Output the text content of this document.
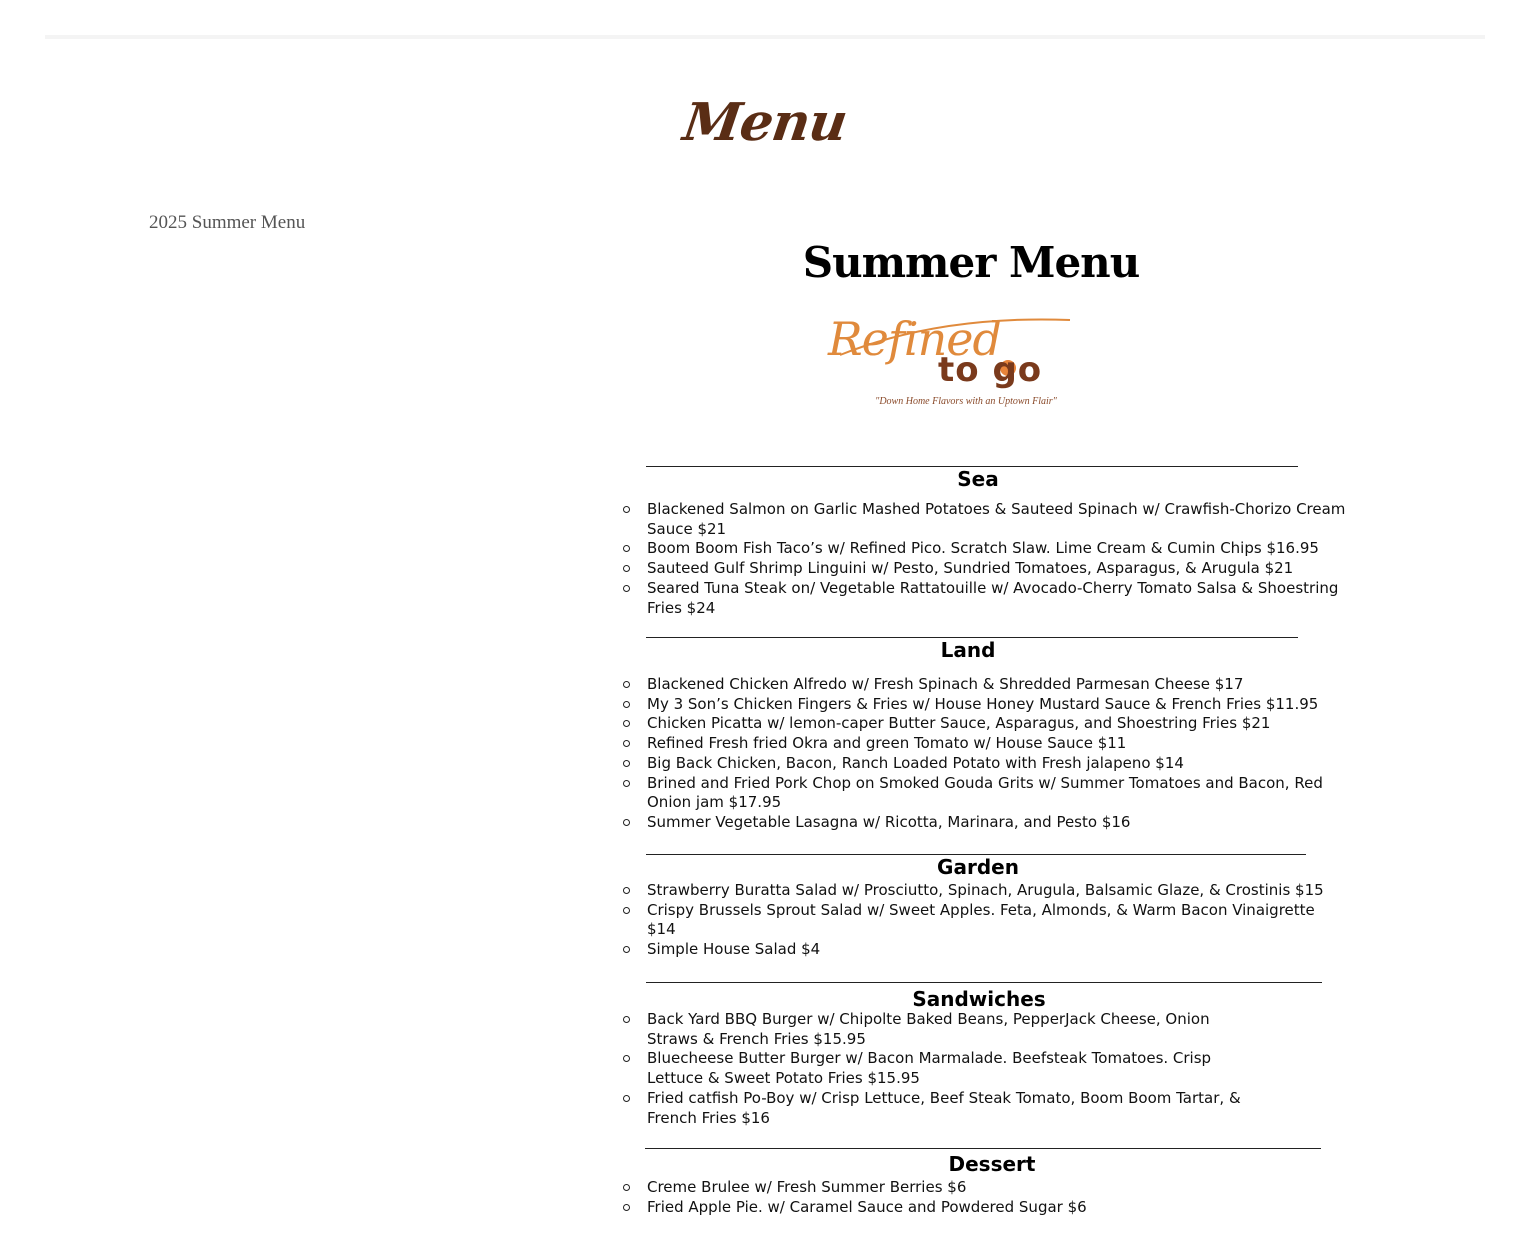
Menu
2025 Summer Menu
Summer Menu
Refined
to go
"Down Home Flavors with an Uptown Flair"
Sea
Blackened Salmon on Garlic Mashed Potatoes & Sauteed Spinach w/ Crawfish-Chorizo Cream Sauce $21
Boom Boom Fish Taco’s w/ Refined Pico. Scratch Slaw. Lime Cream & Cumin Chips $16.95
Sauteed Gulf Shrimp Linguini w/ Pesto, Sundried Tomatoes, Asparagus, & Arugula $21
Seared Tuna Steak on/ Vegetable Rattatouille w/ Avocado-Cherry Tomato Salsa & Shoestring Fries $24
Land
Blackened Chicken Alfredo w/ Fresh Spinach & Shredded Parmesan Cheese $17
My 3 Son’s Chicken Fingers & Fries w/ House Honey Mustard Sauce & French Fries $11.95
Chicken Picatta w/ lemon-caper Butter Sauce, Asparagus, and Shoestring Fries $21
Refined Fresh fried Okra and green Tomato w/ House Sauce $11
Big Back Chicken, Bacon, Ranch Loaded Potato with Fresh jalapeno $14
Brined and Fried Pork Chop on Smoked Gouda Grits w/ Summer Tomatoes and Bacon, Red Onion jam $17.95
Summer Vegetable Lasagna w/ Ricotta, Marinara, and Pesto $16
Garden
Strawberry Buratta Salad w/ Prosciutto, Spinach, Arugula, Balsamic Glaze, & Crostinis $15
Crispy Brussels Sprout Salad w/ Sweet Apples. Feta, Almonds, & Warm Bacon Vinaigrette $14
Simple House Salad $4
Sandwiches
Back Yard BBQ Burger w/ Chipolte Baked Beans, PepperJack Cheese, Onion Straws & French Fries $15.95
Bluecheese Butter Burger w/ Bacon Marmalade. Beefsteak Tomatoes. Crisp Lettuce & Sweet Potato Fries $15.95
Fried catfish Po-Boy w/ Crisp Lettuce, Beef Steak Tomato, Boom Boom Tartar, & French Fries $16
Dessert
Creme Brulee w/ Fresh Summer Berries $6
Fried Apple Pie. w/ Caramel Sauce and Powdered Sugar $6
